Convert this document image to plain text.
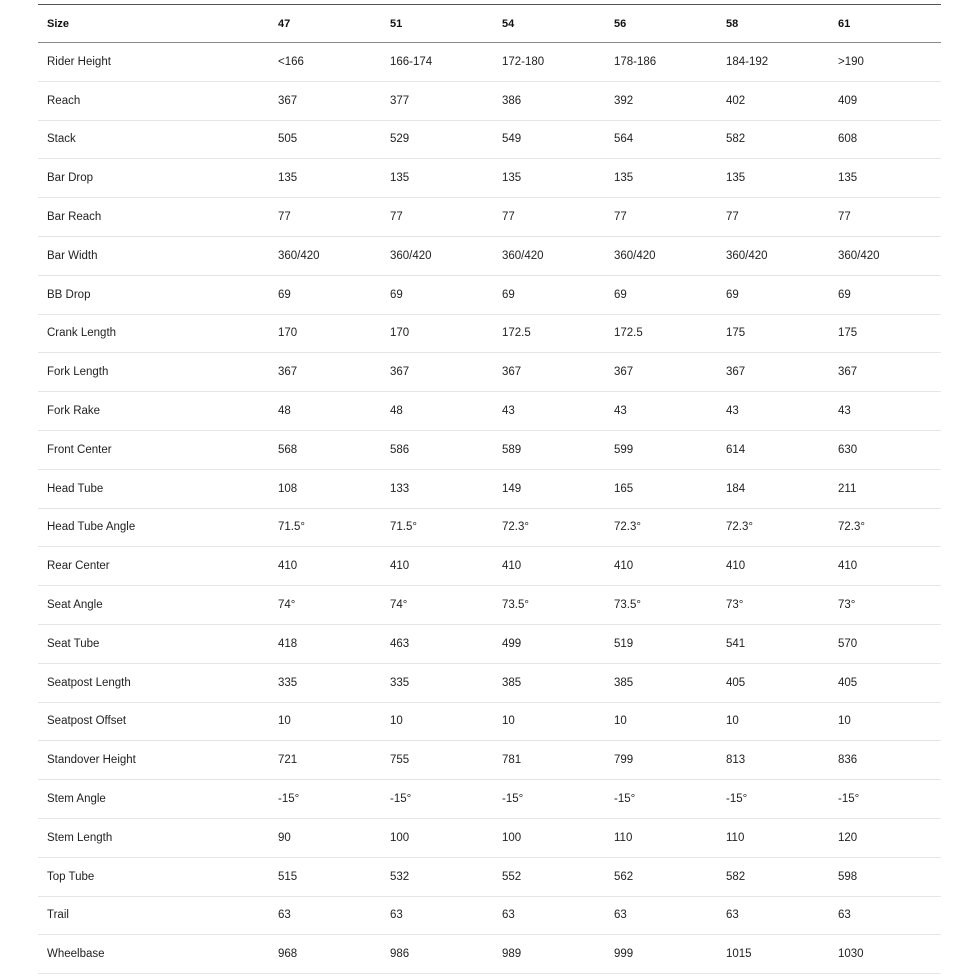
Size	47	51	54	56	58	61
Rider Height	<166	166-174	172-180	178-186	184-192	>190
Reach	367	377	386	392	402	409
Stack	505	529	549	564	582	608
Bar Drop	135	135	135	135	135	135
Bar Reach	77	77	77	77	77	77
Bar Width	360/420	360/420	360/420	360/420	360/420	360/420
BB Drop	69	69	69	69	69	69
Crank Length	170	170	172.5	172.5	175	175
Fork Length	367	367	367	367	367	367
Fork Rake	48	48	43	43	43	43
Front Center	568	586	589	599	614	630
Head Tube	108	133	149	165	184	211
Head Tube Angle	71.5°	71.5°	72.3°	72.3°	72.3°	72.3°
Rear Center	410	410	410	410	410	410
Seat Angle	74°	74°	73.5°	73.5°	73°	73°
Seat Tube	418	463	499	519	541	570
Seatpost Length	335	335	385	385	405	405
Seatpost Offset	10	10	10	10	10	10
Standover Height	721	755	781	799	813	836
Stem Angle	-15°	-15°	-15°	-15°	-15°	-15°
Stem Length	90	100	100	110	110	120
Top Tube	515	532	552	562	582	598
Trail	63	63	63	63	63	63
Wheelbase	968	986	989	999	1015	1030
